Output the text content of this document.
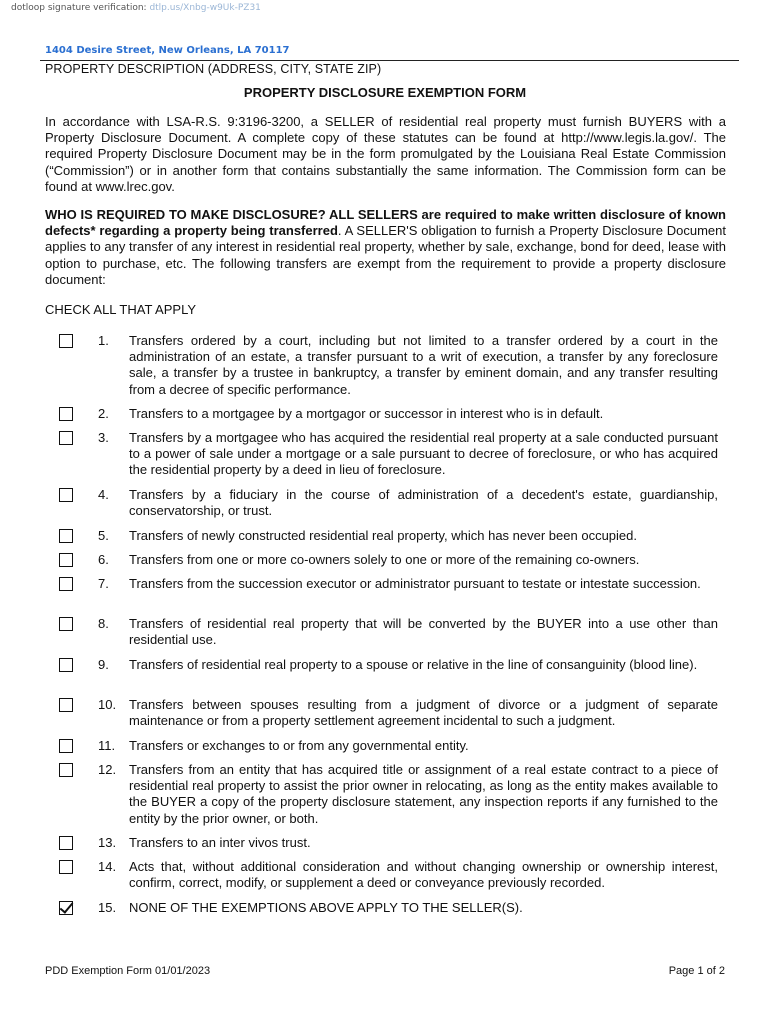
dotloop signature verification: dtlp.us/Xnbg-w9Uk-PZ31
1404 Desire Street, New Orleans, LA 70117
PROPERTY DESCRIPTION (ADDRESS, CITY, STATE ZIP)
PROPERTY DISCLOSURE EXEMPTION FORM
In accordance with LSA-R.S. 9:3196-3200, a SELLER of residential real property must furnish BUYERS with a Property Disclosure Document. A complete copy of these statutes can be found at http://www.legis.la.gov/. The required Property Disclosure Document may be in the form promulgated by the Louisiana Real Estate Commission (“Commission”) or in another form that contains substantially the same information. The Commission form can be found at www.lrec.gov.
WHO IS REQUIRED TO MAKE DISCLOSURE? ALL SELLERS are required to make written disclosure of known defects* regarding a property being transferred. A SELLER'S obligation to furnish a Property Disclosure Document applies to any transfer of any interest in residential real property, whether by sale, exchange, bond for deed, lease with option to purchase, etc. The following transfers are exempt from the requirement to provide a property disclosure document:
CHECK ALL THAT APPLY
1. Transfers ordered by a court, including but not limited to a transfer ordered by a court in the administration of an estate, a transfer pursuant to a writ of execution, a transfer by any foreclosure sale, a transfer by a trustee in bankruptcy, a transfer by eminent domain, and any transfer resulting from a decree of specific performance.
2. Transfers to a mortgagee by a mortgagor or successor in interest who is in default.
3. Transfers by a mortgagee who has acquired the residential real property at a sale conducted pursuant to a power of sale under a mortgage or a sale pursuant to decree of foreclosure, or who has acquired the residential property by a deed in lieu of foreclosure.
4. Transfers by a fiduciary in the course of administration of a decedent's estate, guardianship, conservatorship, or trust.
5. Transfers of newly constructed residential real property, which has never been occupied.
6. Transfers from one or more co-owners solely to one or more of the remaining co-owners.
7. Transfers from the succession executor or administrator pursuant to testate or intestate succession.
8. Transfers of residential real property that will be converted by the BUYER into a use other than residential use.
9. Transfers of residential real property to a spouse or relative in the line of consanguinity (blood line).
10. Transfers between spouses resulting from a judgment of divorce or a judgment of separate maintenance or from a property settlement agreement incidental to such a judgment.
11. Transfers or exchanges to or from any governmental entity.
12. Transfers from an entity that has acquired title or assignment of a real estate contract to a piece of residential real property to assist the prior owner in relocating, as long as the entity makes available to the BUYER a copy of the property disclosure statement, any inspection reports if any furnished to the entity by the prior owner, or both.
13. Transfers to an inter vivos trust.
14. Acts that, without additional consideration and without changing ownership or ownership interest, confirm, correct, modify, or supplement a deed or conveyance previously recorded.
15. NONE OF THE EXEMPTIONS ABOVE APPLY TO THE SELLER(S).
PDD Exemption Form 01/01/2023	Page 1 of 2
